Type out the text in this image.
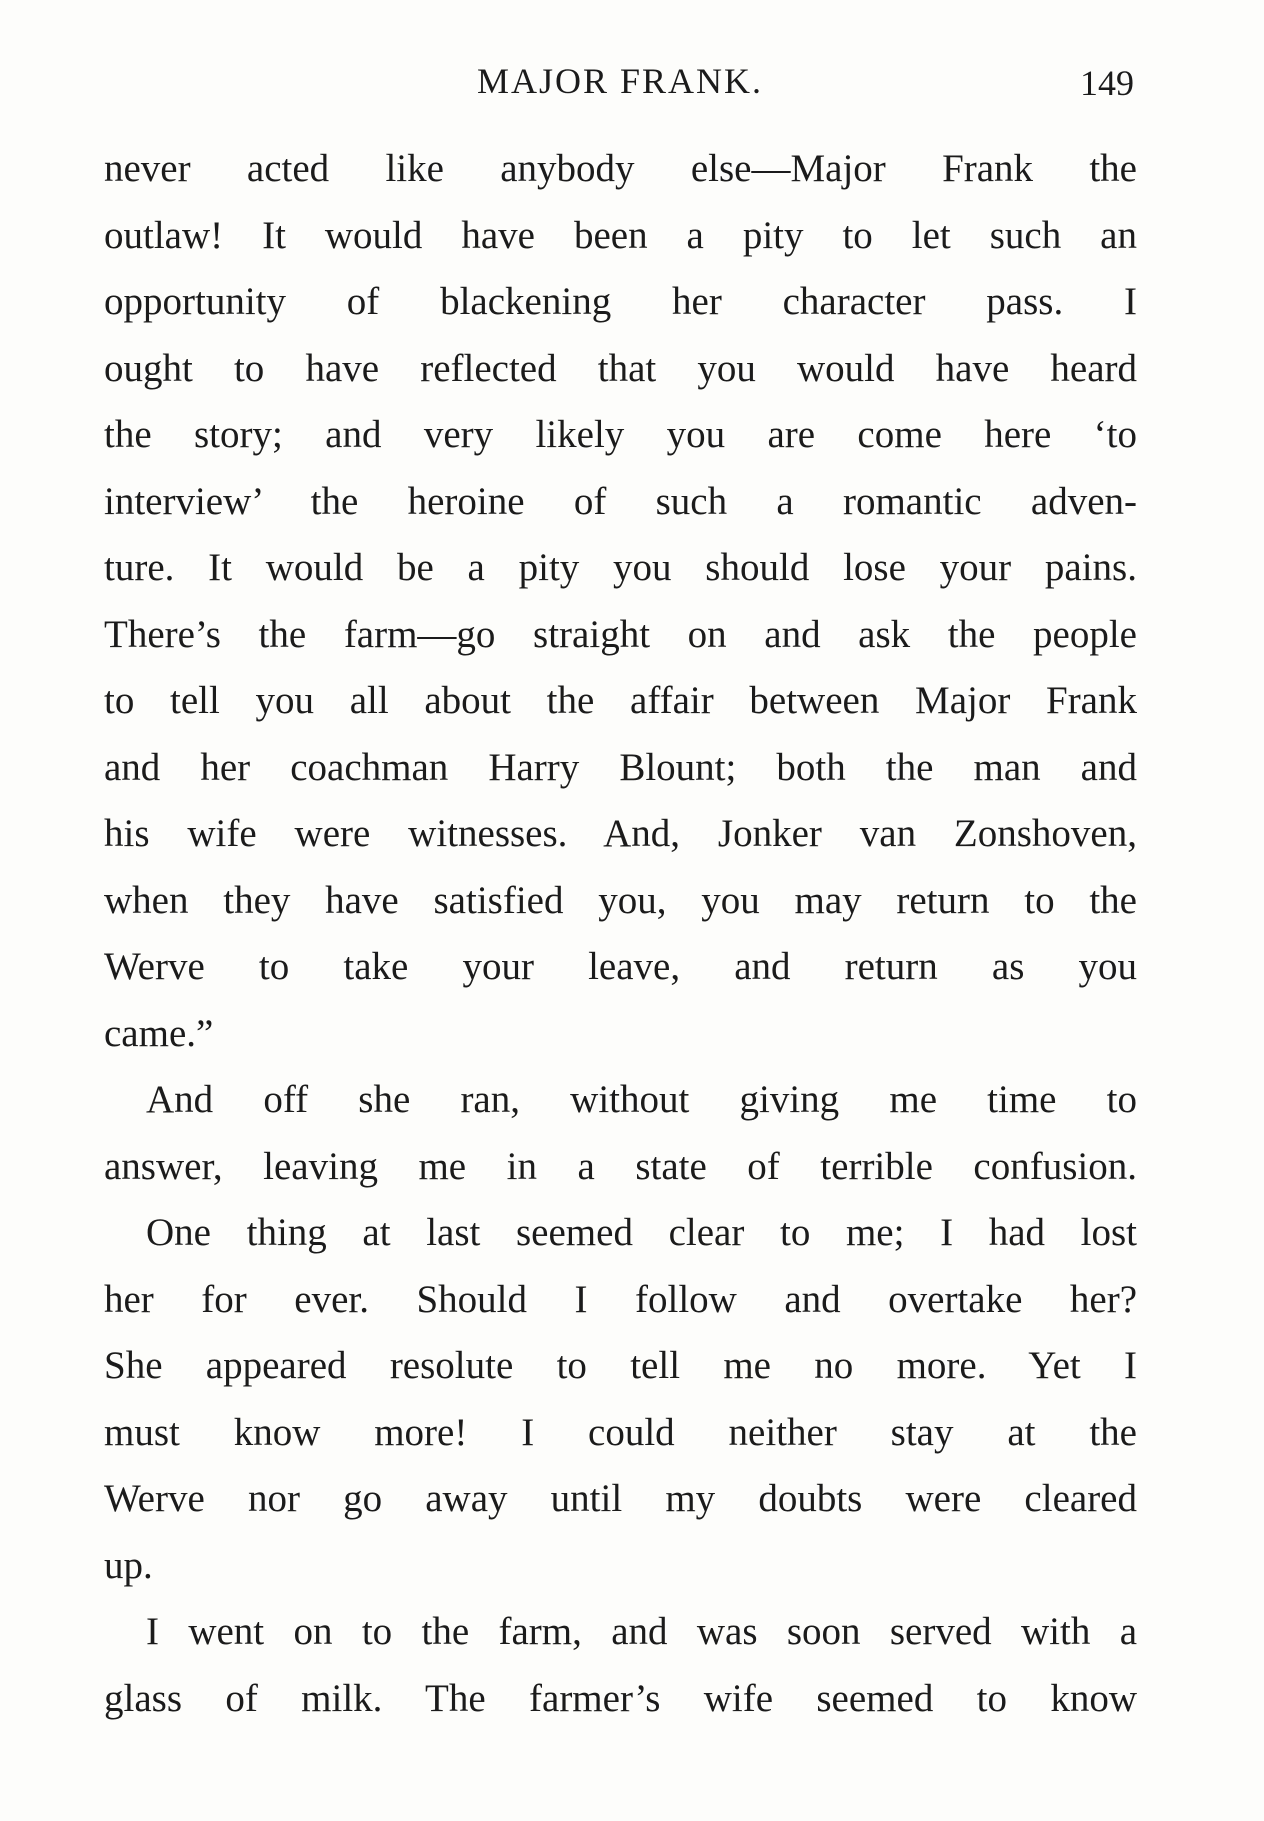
MAJOR FRANK.	149
never acted like anybody else—Major Frank the
outlaw! It would have been a pity to let such an
opportunity of blackening her character pass. I
ought to have reflected that you would have heard
the story; and very likely you are come here ‘to
interview’ the heroine of such a romantic adven-
ture. It would be a pity you should lose your pains.
There’s the farm—go straight on and ask the people
to tell you all about the affair between Major Frank
and her coachman Harry Blount; both the man and
his wife were witnesses. And, Jonker van Zonshoven,
when they have satisfied you, you may return to the
Werve to take your leave, and return as you
came.”
And off she ran, without giving me time to
answer, leaving me in a state of terrible confusion.
One thing at last seemed clear to me; I had lost
her for ever. Should I follow and overtake her?
She appeared resolute to tell me no more. Yet I
must know more! I could neither stay at the
Werve nor go away until my doubts were cleared
up.
I went on to the farm, and was soon served with a
glass of milk. The farmer’s wife seemed to know
